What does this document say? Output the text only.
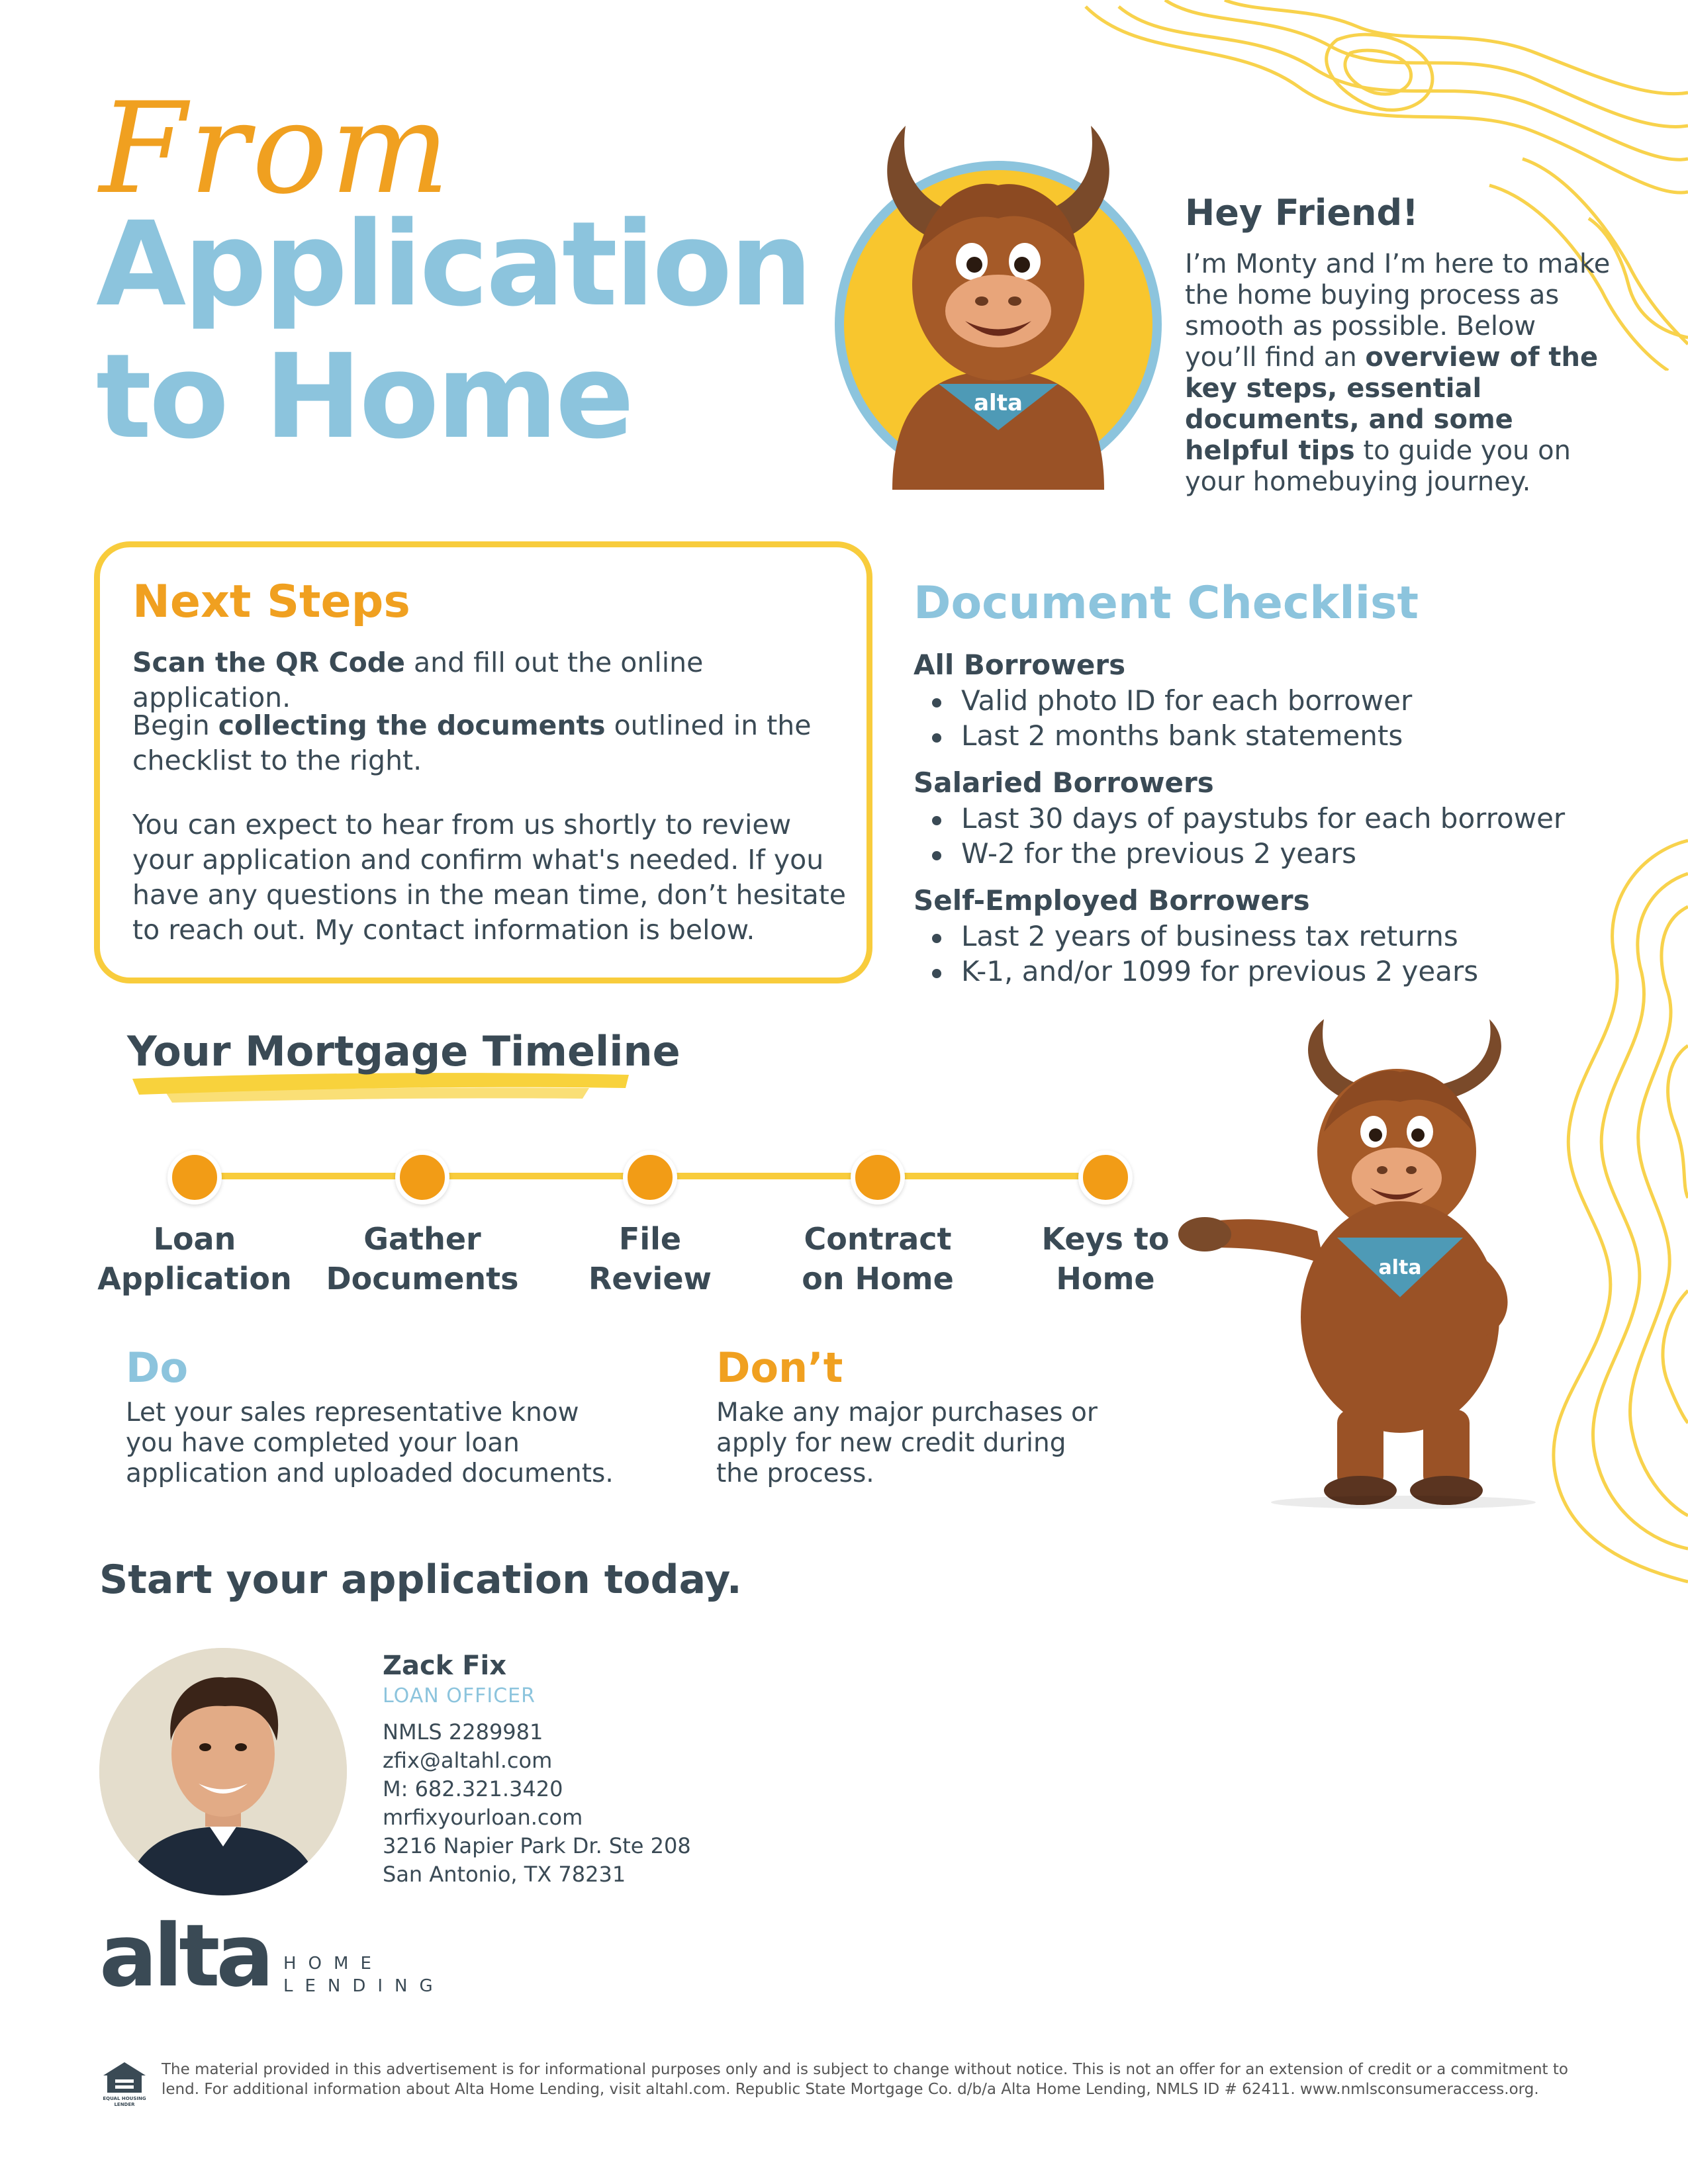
From
Application
to Home	alta
Hey Friend!
I’m Monty and I’m here to make the home buying process as smooth as possible. Below you’ll find an overview of the key steps, essential documents, and some helpful tips to guide you on your homebuying journey.
Next Steps
Scan the QR Code and fill out the online application.
Begin collecting the documents outlined in the checklist to the right.
You can expect to hear from us shortly to review your application and confirm what's needed. If you have any questions in the mean time, don’t hesitate to reach out. My contact information is below.
Document Checklist
All Borrowers
Valid photo ID for each borrower
Last 2 months bank statements
Salaried Borrowers
Last 30 days of paystubs for each borrower
W-2 for the previous 2 years
Self-Employed Borrowers
Last 2 years of business tax returns
K-1, and/or 1099 for previous 2 years
Your Mortgage Timeline
Loan
Application
Gather
Documents
File
Review
Contract
on Home
Keys to
Home
Do
Let your sales representative know you have completed your loan application and uploaded documents.
Don’t
Make any major purchases or apply for new credit during the process.
alta
Start your application today.
Zack Fix
LOAN OFFICER
NMLS 2289981
zfix@altahl.com
M: 682.321.3420
mrfixyourloan.com
3216 Napier Park Dr. Ste 208
San Antonio, TX 78231
alta HOME
LENDING
EQUAL HOUSING
LENDER
The material provided in this advertisement is for informational purposes only and is subject to change without notice. This is not an offer for an extension of credit or a commitment to lend. For additional information about Alta Home Lending, visit altahl.com. Republic State Mortgage Co. d/b/a Alta Home Lending, NMLS ID # 62411. www.nmlsconsumeraccess.org.
